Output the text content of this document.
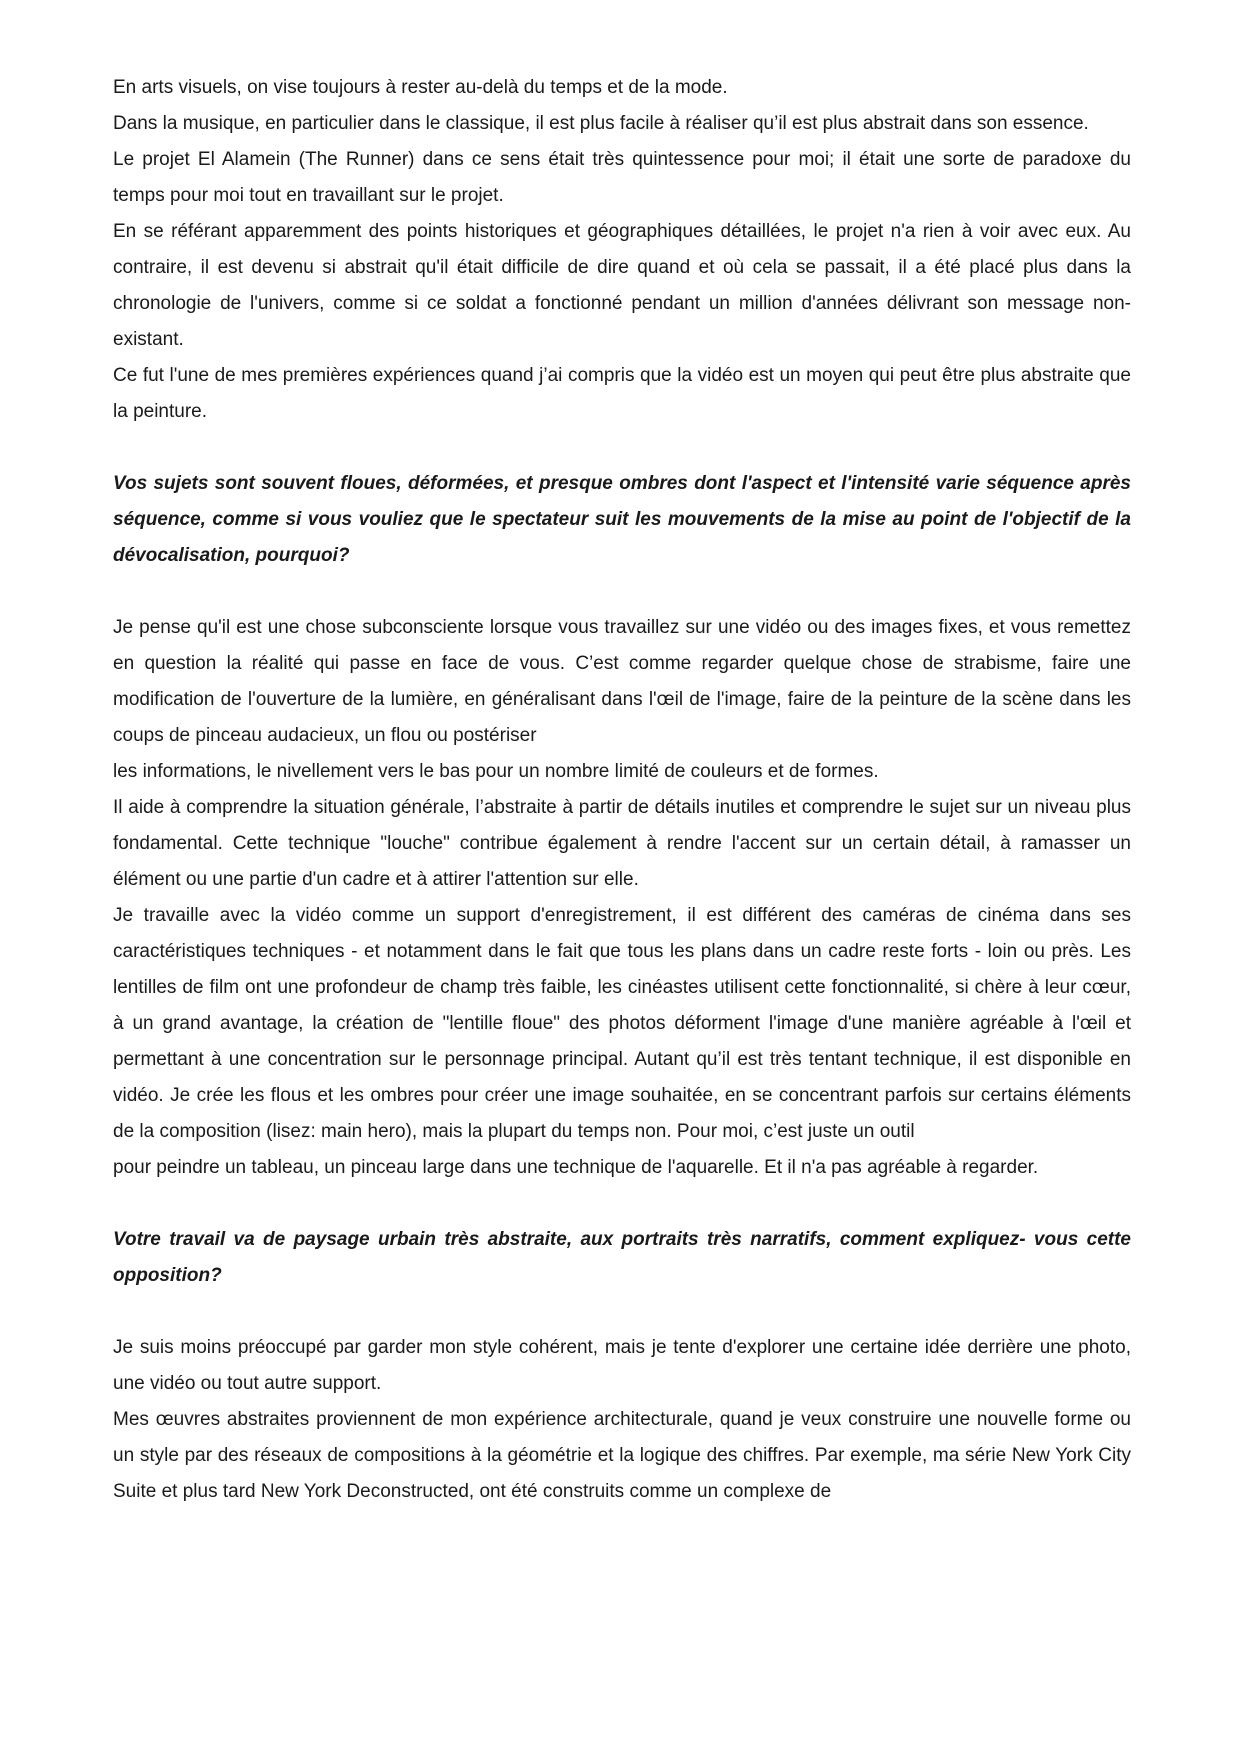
En arts visuels, on vise toujours à rester au-delà du temps et de la mode.

Dans la musique, en particulier dans le classique, il est plus facile à réaliser qu’il est plus abstrait dans son essence.

Le projet El Alamein (The Runner) dans ce sens était très quintessence pour moi; il était une sorte de paradoxe du temps pour moi tout en travaillant sur le projet.

En se référant apparemment des points historiques et géographiques détaillées, le projet n'a rien à voir avec eux. Au contraire, il est devenu si abstrait qu'il était difficile de dire quand et où cela se passait, il a été placé plus dans la chronologie de l'univers, comme si ce soldat a fonctionné pendant un million d'années délivrant son message non-existant.

Ce fut l'une de mes premières expériences quand j’ai compris que la vidéo est un moyen qui peut être plus abstraite que la peinture.

Vos sujets sont souvent floues, déformées, et presque ombres dont l'aspect et l'intensité varie séquence après séquence, comme si vous vouliez que le spectateur suit les mouvements de la mise au point de l'objectif de la dévocalisation, pourquoi?

Je pense qu'il est une chose subconsciente lorsque vous travaillez sur une vidéo ou des images fixes, et vous remettez en question la réalité qui passe en face de vous. C’est comme regarder quelque chose de strabisme, faire une modification de l'ouverture de la lumière, en généralisant dans l'œil de l'image, faire de la peinture de la scène dans les coups de pinceau audacieux, un flou ou postériser

les informations, le nivellement vers le bas pour un nombre limité de couleurs et de formes.

Il aide à comprendre la situation générale, l’abstraite à partir de détails inutiles et comprendre le sujet sur un niveau plus fondamental. Cette technique "louche" contribue également à rendre l'accent sur un certain détail, à ramasser un élément ou une partie d'un cadre et à attirer l'attention sur elle.

Je travaille avec la vidéo comme un support d'enregistrement, il est différent des caméras de cinéma dans ses caractéristiques techniques - et notamment dans le fait que tous les plans dans un cadre reste forts - loin ou près. Les lentilles de film ont une profondeur de champ très faible, les cinéastes utilisent cette fonctionnalité, si chère à leur cœur, à un grand avantage, la création de "lentille floue" des photos déforment l'image d'une manière agréable à l'œil et permettant à une concentration sur le personnage principal. Autant qu’il est très tentant technique, il est disponible en vidéo. Je crée les flous et les ombres pour créer une image souhaitée, en se concentrant parfois sur certains éléments de la composition (lisez: main hero), mais la plupart du temps non. Pour moi, c’est juste un outil

pour peindre un tableau, un pinceau large dans une technique de l'aquarelle. Et il n'a pas agréable à regarder.

Votre travail va de paysage urbain très abstraite, aux portraits très narratifs, comment expliquez- vous cette opposition?

Je suis moins préoccupé par garder mon style cohérent, mais je tente d'explorer une certaine idée derrière une photo, une vidéo ou tout autre support.

Mes œuvres abstraites proviennent de mon expérience architecturale, quand je veux construire une nouvelle forme ou un style par des réseaux de compositions à la géométrie et la logique des chiffres. Par exemple, ma série New York City Suite et plus tard New York Deconstructed, ont été construits comme un complexe de
